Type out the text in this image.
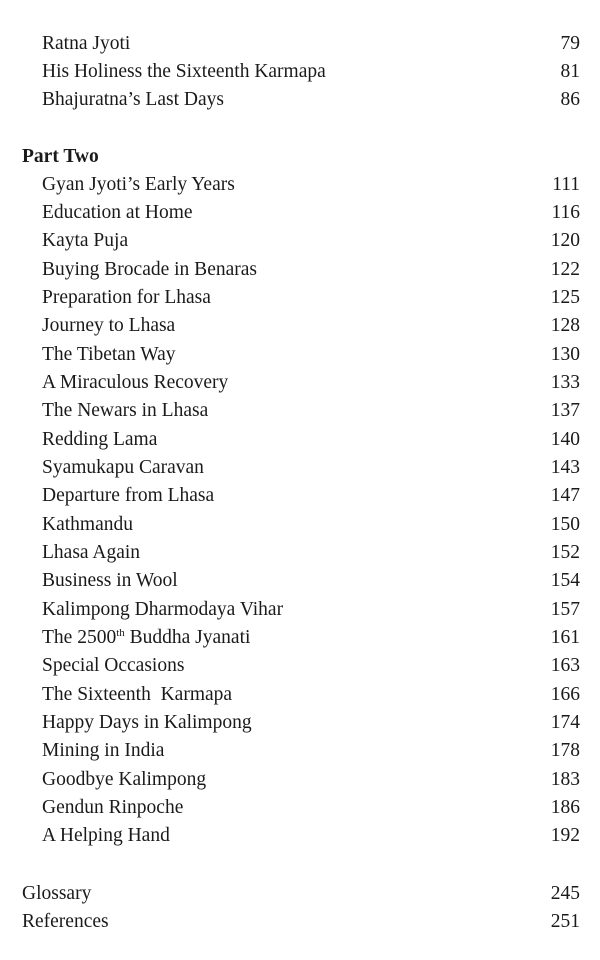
Ratna Jyoti	79
His Holiness the Sixteenth Karmapa	81
Bhajuratna’s Last Days	86
Part Two
Gyan Jyoti’s Early Years	111
Education at Home	116
Kayta Puja	120
Buying Brocade in Benaras	122
Preparation for Lhasa	125
Journey to Lhasa	128
The Tibetan Way	130
A Miraculous Recovery	133
The Newars in Lhasa	137
Redding Lama	140
Syamukapu Caravan	143
Departure from Lhasa	147
Kathmandu	150
Lhasa Again	152
Business in Wool	154
Kalimpong Dharmodaya Vihar	157
The 2500th Buddha Jyanati	161
Special Occasions	163
The Sixteenth  Karmapa	166
Happy Days in Kalimpong	174
Mining in India	178
Goodbye Kalimpong	183
Gendun Rinpoche	186
A Helping Hand	192
Glossary	245
References	251
